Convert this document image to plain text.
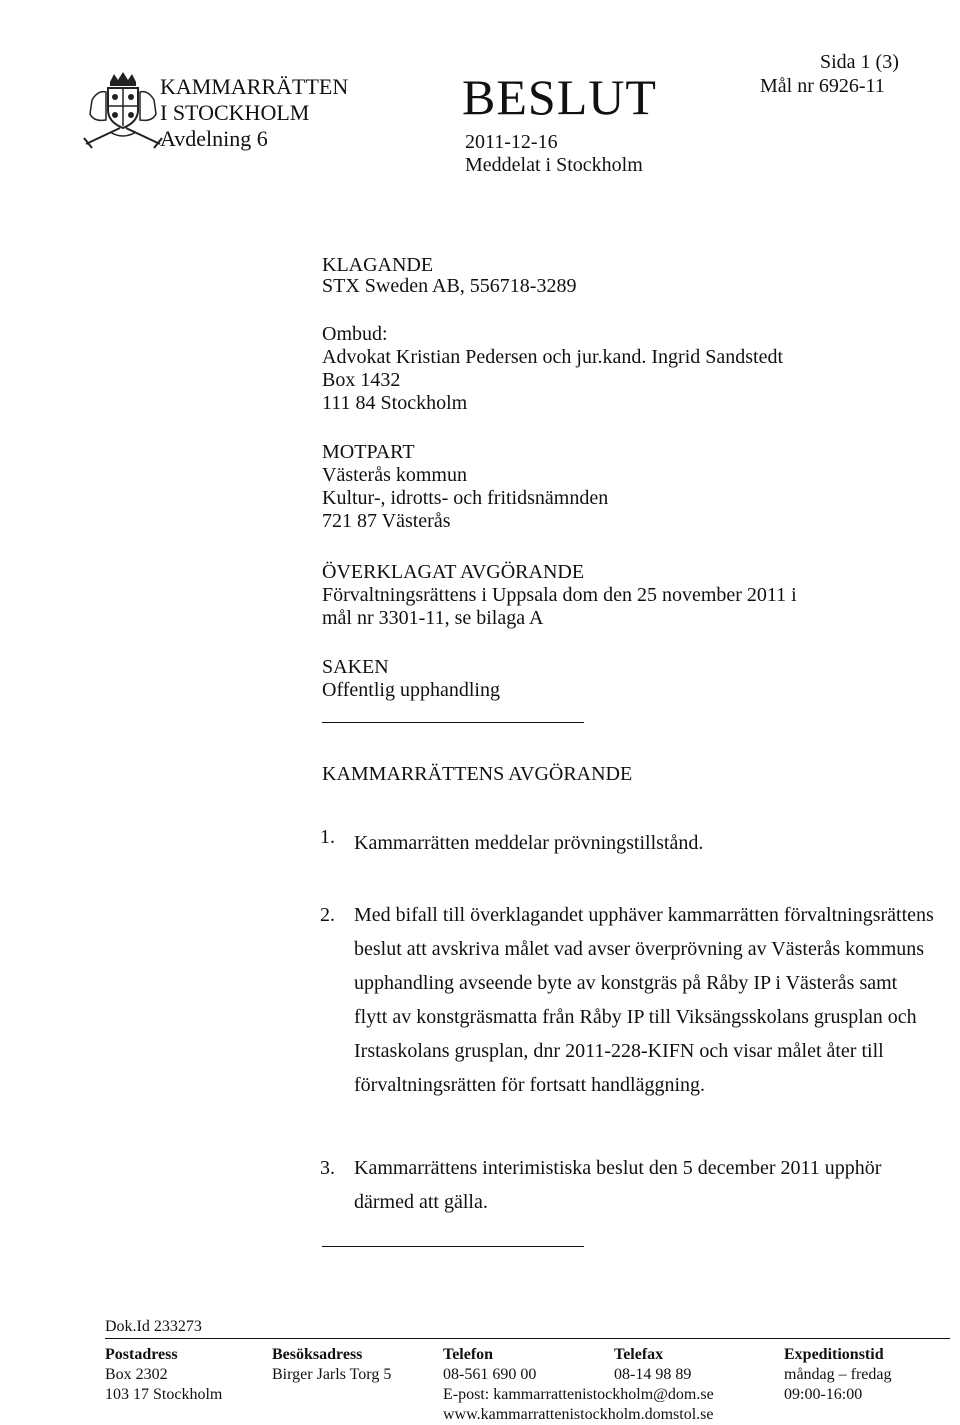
KAMMARRÄTTEN
I STOCKHOLM
Avdelning 6
BESLUT
2011-12-16
Meddelat i Stockholm
Sida 1 (3)
Mål nr 6926-11
KLAGANDE
STX Sweden AB, 556718-3289
Ombud:
Advokat Kristian Pedersen och jur.kand. Ingrid Sandstedt
Box 1432
111 84 Stockholm
MOTPART
Västerås kommun
Kultur-, idrotts- och fritidsnämnden
721 87 Västerås
ÖVERKLAGAT AVGÖRANDE
Förvaltningsrättens i Uppsala dom den 25 november 2011 i
mål nr 3301-11, se bilaga A
SAKEN
Offentlig upphandling
KAMMARRÄTTENS AVGÖRANDE
1. Kammarrätten meddelar prövningstillstånd.
2. Med bifall till överklagandet upphäver kammarrätten förvaltningsrättens
beslut att avskriva målet vad avser överprövning av Västerås kommuns
upphandling avseende byte av konstgräs på Råby IP i Västerås samt
flytt av konstgräsmatta från Råby IP till Viksängsskolans grusplan och
Irstaskolans grusplan, dnr 2011-228-KIFN och visar målet åter till
förvaltningsrätten för fortsatt handläggning.
3. Kammarrättens interimistiska beslut den 5 december 2011 upphör
därmed att gälla.
Dok.Id 233273
Postadress
Box 2302
103 17 Stockholm
Besöksadress
Birger Jarls Torg 5
Telefon
08-561 690 00
E-post: kammarrattenistockholm@dom.se
www.kammarrattenistockholm.domstol.se
Telefax
08-14 98 89
Expeditionstid
måndag – fredag
09:00-16:00
